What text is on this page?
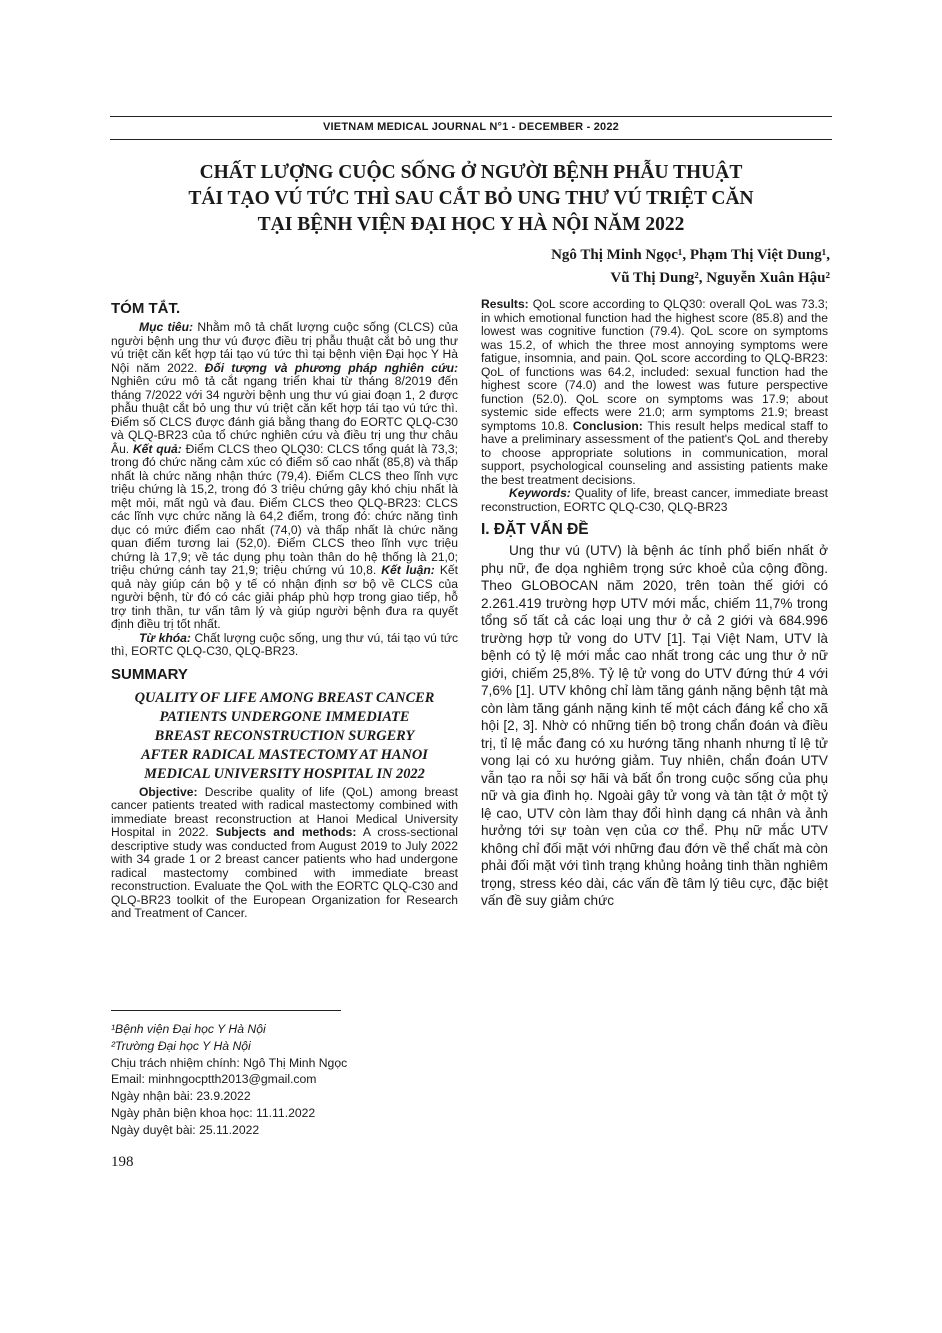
VIETNAM MEDICAL JOURNAL N°1 - DECEMBER - 2022
CHẤT LƯỢNG CUỘC SỐNG Ở NGƯỜI BỆNH PHẪU THUẬT
TÁI TẠO VÚ TỨC THÌ SAU CẮT BỎ UNG THƯ VÚ TRIỆT CĂN
TẠI BỆNH VIỆN ĐẠI HỌC Y HÀ NỘI NĂM 2022
Ngô Thị Minh Ngọc¹, Phạm Thị Việt Dung¹,
Vũ Thị Dung², Nguyễn Xuân Hậu²
TÓM TẮT.

Mục tiêu: Nhằm mô tả chất lượng cuộc sống (CLCS) của người bệnh ung thư vú được điều trị phẫu thuật cắt bỏ ung thư vú triệt căn kết hợp tái tạo vú tức thì tại bệnh viện Đại học Y Hà Nội năm 2022. Đối tượng và phương pháp nghiên cứu: Nghiên cứu mô tả cắt ngang triển khai từ tháng 8/2019 đến tháng 7/2022 với 34 người bệnh ung thư vú giai đoạn 1, 2 được phẫu thuật cắt bỏ ung thư vú triệt căn kết hợp tái tạo vú tức thì. Điểm số CLCS được đánh giá bằng thang đo EORTC QLQ-C30 và QLQ-BR23 của tổ chức nghiên cứu và điều trị ung thư châu Âu. Kết quả: Điểm CLCS theo QLQ30: CLCS tổng quát là 73,3; trong đó chức năng cảm xúc có điểm số cao nhất (85,8) và thấp nhất là chức năng nhận thức (79,4). Điểm CLCS theo lĩnh vực triệu chứng là 15,2, trong đó 3 triệu chứng gây khó chịu nhất là mệt mỏi, mất ngủ và đau. Điểm CLCS theo QLQ-BR23: CLCS các lĩnh vực chức năng là 64,2 điểm, trong đó: chức năng tình dục có mức điểm cao nhất (74,0) và thấp nhất là chức năng quan điểm tương lai (52,0). Điểm CLCS theo lĩnh vực triệu chứng là 17,9; về tác dụng phụ toàn thân do hệ thống là 21,0; triệu chứng cánh tay 21,9; triệu chứng vú 10,8. Kết luận: Kết quả này giúp cán bộ y tế có nhận định sơ bộ về CLCS của người bệnh, từ đó có các giải pháp phù hợp trong giao tiếp, hỗ trợ tinh thần, tư vấn tâm lý và giúp người bệnh đưa ra quyết định điều trị tốt nhất.

Từ khóa: Chất lượng cuộc sống, ung thư vú, tái tạo vú tức thì, EORTC QLQ-C30, QLQ-BR23.

SUMMARY
QUALITY OF LIFE AMONG BREAST CANCER
PATIENTS UNDERGONE IMMEDIATE
BREAST RECONSTRUCTION SURGERY
AFTER RADICAL MASTECTOMY AT HANOI
MEDICAL UNIVERSITY HOSPITAL IN 2022

Objective: Describe quality of life (QoL) among breast cancer patients treated with radical mastectomy combined with immediate breast reconstruction at Hanoi Medical University Hospital in 2022. Subjects and methods: A cross-sectional descriptive study was conducted from August 2019 to July 2022 with 34 grade 1 or 2 breast cancer patients who had undergone radical mastectomy combined with immediate breast reconstruction. Evaluate the QoL with the EORTC QLQ-C30 and QLQ-BR23 toolkit of the European Organization for Research and Treatment of Cancer.

¹Bệnh viện Đại học Y Hà Nội
²Trường Đại học Y Hà Nội
Chịu trách nhiệm chính: Ngô Thị Minh Ngọc
Email: minhngocptth2013@gmail.com
Ngày nhận bài: 23.9.2022
Ngày phản biện khoa học: 11.11.2022
Ngày duyệt bài: 25.11.2022
198

Results: QoL score according to QLQ30: overall QoL was 73.3; in which emotional function had the highest score (85.8) and the lowest was cognitive function (79.4). QoL score on symptoms was 15.2, of which the three most annoying symptoms were fatigue, insomnia, and pain. QoL score according to QLQ-BR23: QoL of functions was 64.2, included: sexual function had the highest score (74.0) and the lowest was future perspective function (52.0). QoL score on symptoms was 17.9; about systemic side effects were 21.0; arm symptoms 21.9; breast symptoms 10.8. Conclusion: This result helps medical staff to have a preliminary assessment of the patient's QoL and thereby to choose appropriate solutions in communication, moral support, psychological counseling and assisting patients make the best treatment decisions.

Keywords: Quality of life, breast cancer, immediate breast reconstruction, EORTC QLQ-C30, QLQ-BR23

I. ĐẶT VẤN ĐỀ

Ung thư vú (UTV) là bệnh ác tính phổ biến nhất ở phụ nữ, đe dọa nghiêm trọng sức khoẻ của cộng đồng. Theo GLOBOCAN năm 2020, trên toàn thế giới có 2.261.419 trường hợp UTV mới mắc, chiếm 11,7% trong tổng số tất cả các loại ung thư ở cả 2 giới và 684.996 trường hợp tử vong do UTV [1]. Tại Việt Nam, UTV là bệnh có tỷ lệ mới mắc cao nhất trong các ung thư ở nữ giới, chiếm 25,8%. Tỷ lệ tử vong do UTV đứng thứ 4 với 7,6% [1]. UTV không chỉ làm tăng gánh nặng bệnh tật mà còn làm tăng gánh nặng kinh tế một cách đáng kể cho xã hội [2, 3]. Nhờ có những tiến bộ trong chẩn đoán và điều trị, tỉ lệ mắc đang có xu hướng tăng nhanh nhưng tỉ lệ tử vong lại có xu hướng giảm. Tuy nhiên, chẩn đoán UTV vẫn tạo ra nỗi sợ hãi và bất ổn trong cuộc sống của phụ nữ và gia đình họ. Ngoài gây tử vong và tàn tật ở một tỷ lệ cao, UTV còn làm thay đổi hình dạng cá nhân và ảnh hưởng tới sự toàn vẹn của cơ thể. Phụ nữ mắc UTV không chỉ đối mặt với những đau đớn về thể chất mà còn phải đối mặt với tình trạng khủng hoảng tinh thần nghiêm trọng, stress kéo dài, các vấn đề tâm lý tiêu cực, đặc biệt vấn đề suy giảm chức
